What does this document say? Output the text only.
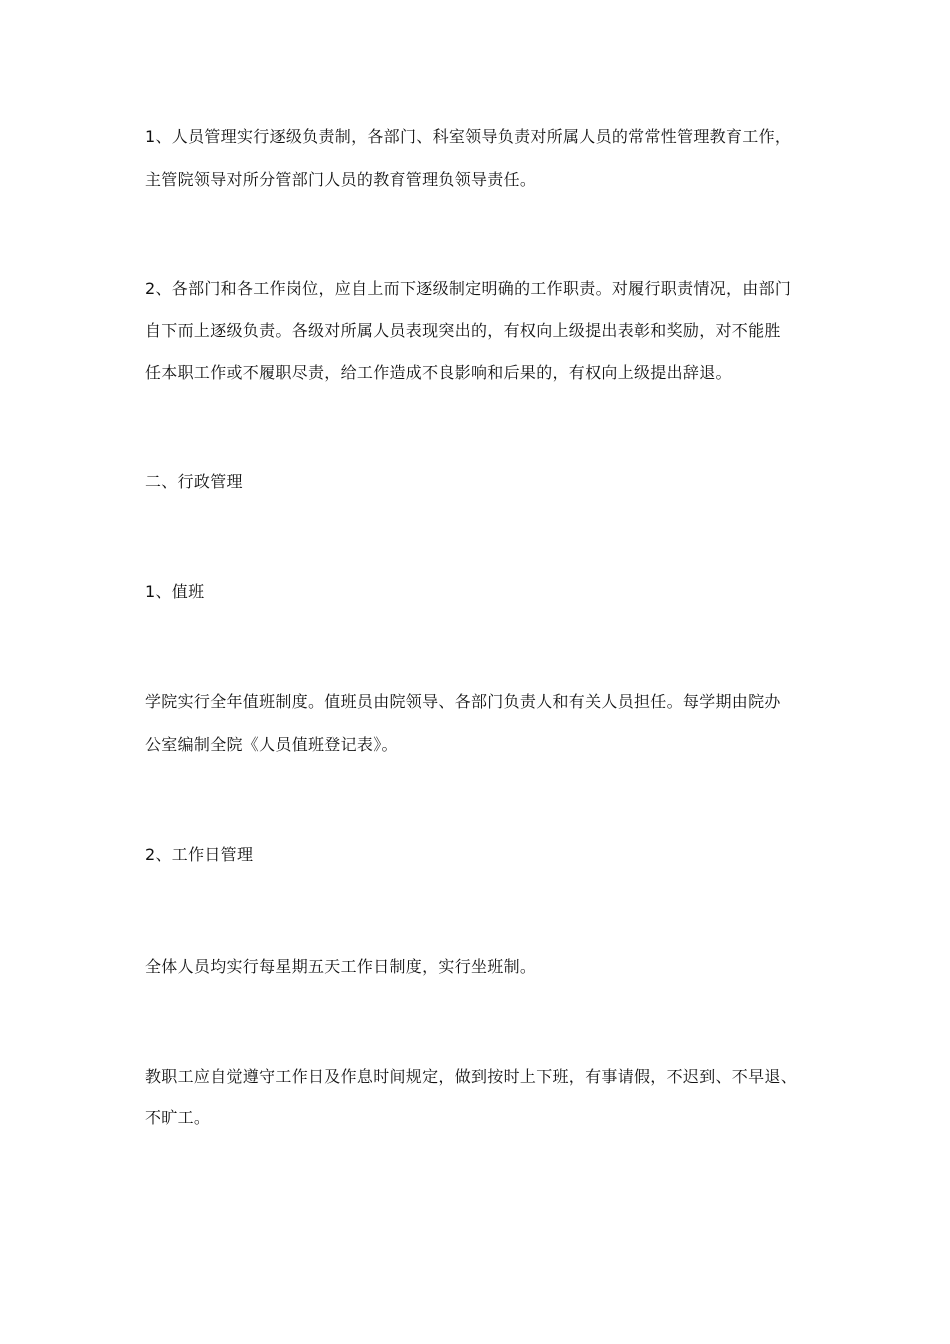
1、人员管理实行逐级负责制，各部门、科室领导负责对所属人员的常常性管理教育工作，
主管院领导对所分管部门人员的教育管理负领导责任。
2、各部门和各工作岗位，应自上而下逐级制定明确的工作职责。对履行职责情况，由部门
自下而上逐级负责。各级对所属人员表现突出的，有权向上级提出表彰和奖励，对不能胜
任本职工作或不履职尽责，给工作造成不良影响和后果的，有权向上级提出辞退。
二、行政管理
1、值班
学院实行全年值班制度。值班员由院领导、各部门负责人和有关人员担任。每学期由院办
公室编制全院《人员值班登记表》。
2、工作日管理
全体人员均实行每星期五天工作日制度，实行坐班制。
教职工应自觉遵守工作日及作息时间规定，做到按时上下班，有事请假，不迟到、不早退、
不旷工。
